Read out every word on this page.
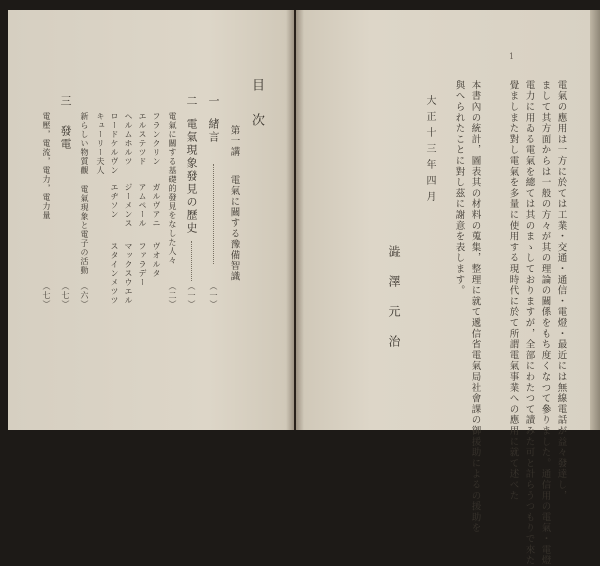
1
電氣の應用は一方に於ては工業・交通・通信・電燈・最近には無線電話が益々發達し，
まして其方面からは一般の方々が其の理論の關係をもち度くなつて參りました。通信用の電氣・電燈
電力に用ゐる電氣を總ては其のまゝしておりますが，全部にわたつて讀みた可と計らうつもりで來た
覺ましまた對し電氣を多量に使用する現時代に於て所謂電氣事業への應用に就て述べた
本書內の統計，圖表其の材料の蒐集，整理に就て遞信省電氣局社會課の御援助によるの援助を
與へられたことに對し茲に謝意を表します。
大正十三年四月
澁澤元治
目次
一
緒言
（一）
第一講
電氣に關する豫備智識
二
電氣現象發見の歷史
（一）
電氣に關する基礎的發見をなした人々
（二）
フランクリン
ガルヴアニ
ヴオルタ
エルステツド
アムペール
ファラデー
ヘルムホルツ
ジーメンス
マックスウエル
ロードケルヴン
エヂソン
スタインメツツ
キューリー夫人
新らしい物質觀
電氣現象と電子の活動
（六）
三
發電
（七）
電壓，電流，電力，電力量
（七）
